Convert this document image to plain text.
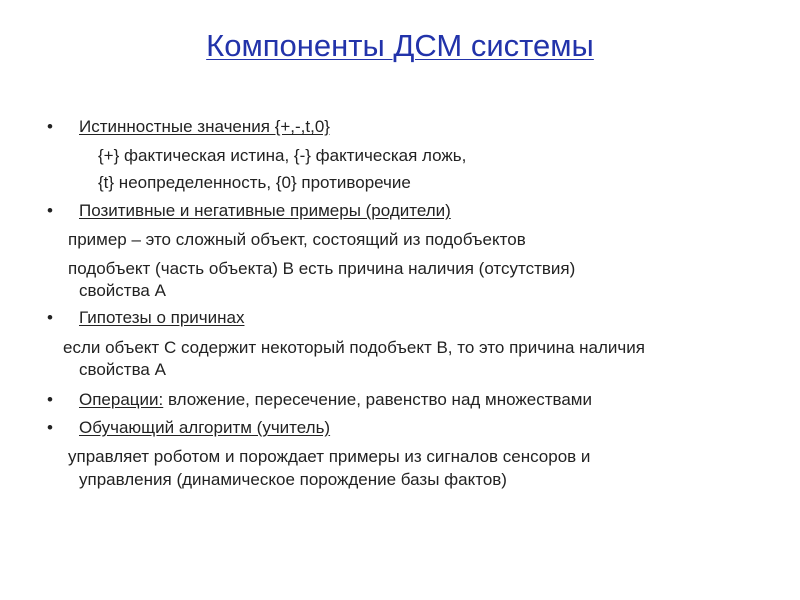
Компоненты ДСМ системы
• Истинностные значения {+,-,t,0}
{+} фактическая истина, {-} фактическая ложь,
{t} неопределенность, {0} противоречие
• Позитивные и негативные примеры (родители)
пример – это сложный объект, состоящий из подобъектов
подобъект (часть объекта) В есть причина наличия (отсутствия)
свойства А
• Гипотезы о причинах
если объект С содержит некоторый подобъект В, то это причина наличия
свойства А
• Операции: вложение, пересечение, равенство над множествами
• Обучающий алгоритм (учитель)
управляет роботом и порождает примеры из сигналов сенсоров и
управления (динамическое порождение базы фактов)
